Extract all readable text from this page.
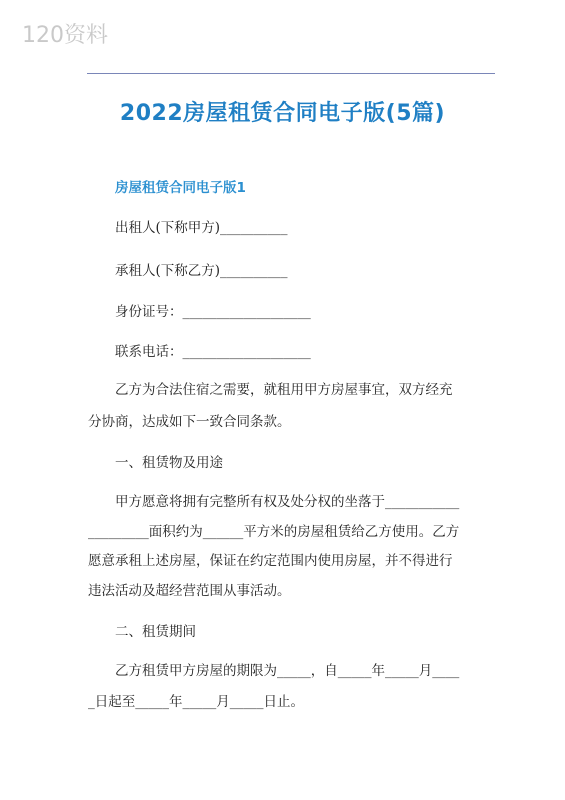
120资料
2022房屋租赁合同电子版(5篇)
房屋租赁合同电子版1
出租人(下称甲方)__________
承租人(下称乙方)__________
身份证号：___________________
联系电话：___________________
乙方为合法住宿之需要，就租用甲方房屋事宜，双方经充
分协商，达成如下一致合同条款。
一、租赁物及用途
甲方愿意将拥有完整所有权及处分权的坐落于___________
_________面积约为______平方米的房屋租赁给乙方使用。乙方
愿意承租上述房屋，保证在约定范围内使用房屋，并不得进行
违法活动及超经营范围从事活动。
二、租赁期间
乙方租赁甲方房屋的期限为_____，自_____年_____月____
_日起至_____年_____月_____日止。
